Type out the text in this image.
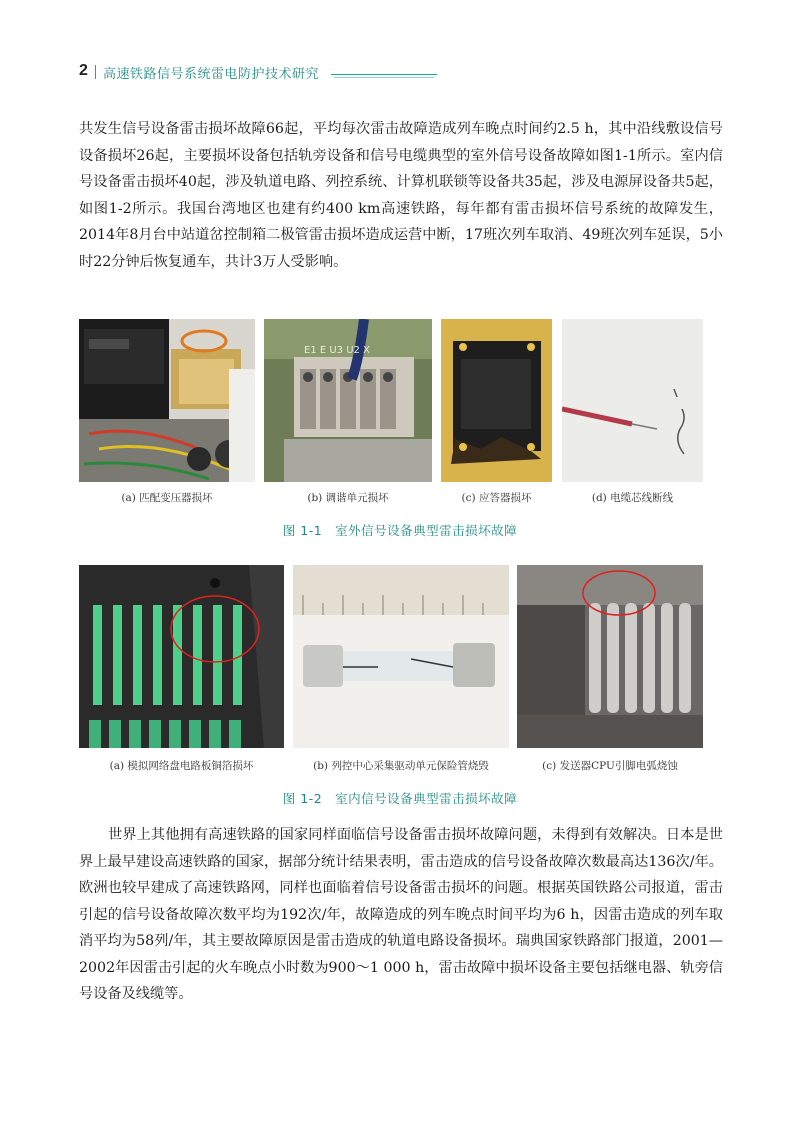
2 高速铁路信号系统雷电防护技术研究

共发生信号设备雷击损坏故障66起，平均每次雷击故障造成列车晚点时间约2.5 h，其中沿线敷设信号设备损坏26起，主要损坏设备包括轨旁设备和信号电缆典型的室外信号设备故障如图1-1所示。室内信号设备雷击损坏40起，涉及轨道电路、列控系统、计算机联锁等设备共35起，涉及电源屏设备共5起，如图1-2所示。我国台湾地区也建有约400 km高速铁路，每年都有雷击损坏信号系统的故障发生，2014年8月台中站道岔控制箱二极管雷击损坏造成运营中断，17班次列车取消、49班次列车延误，5小时22分钟后恢复通车，共计3万人受影响。

E1 E U3 U2 X
(a) 匹配变压器损坏	(b) 调谐单元损坏	(c) 应答器损坏	(d) 电缆芯线断线
图 1-1　室外信号设备典型雷击损坏故障
(a) 模拟网络盘电路板铜箔损坏	(b) 列控中心采集驱动单元保险管烧毁	(c) 发送器CPU引脚电弧烧蚀
图 1-2　室内信号设备典型雷击损坏故障

世界上其他拥有高速铁路的国家同样面临信号设备雷击损坏故障问题，未得到有效解决。日本是世界上最早建设高速铁路的国家，据部分统计结果表明，雷击造成的信号设备故障次数最高达136次/年。欧洲也较早建成了高速铁路网，同样也面临着信号设备雷击损坏的问题。根据英国铁路公司报道，雷击引起的信号设备故障次数平均为192次/年，故障造成的列车晚点时间平均为6 h，因雷击造成的列车取消平均为58列/年，其主要故障原因是雷击造成的轨道电路设备损坏。瑞典国家铁路部门报道，2001—2002年因雷击引起的火车晚点小时数为900～1 000 h，雷击故障中损坏设备主要包括继电器、轨旁信号设备及线缆等。
